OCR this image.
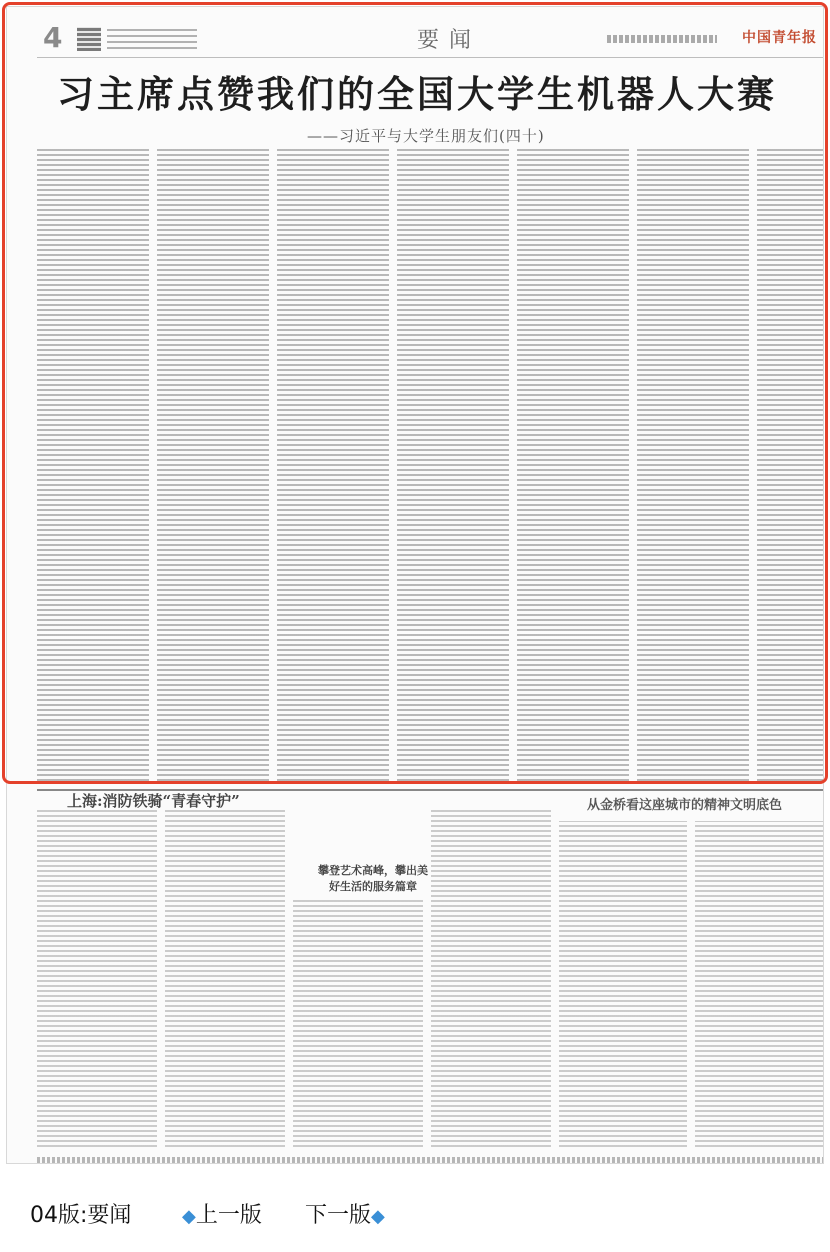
4	要闻	中国青年报
习主席点赞我们的全国大学生机器人大赛
——习近平与大学生朋友们(四十)
上海:消防铁骑“青春守护”	从金桥看这座城市的精神文明底色
攀登艺术高峰，攀出美好生活的服务篇章
04版:要闻	◆上一版 下一版◆
